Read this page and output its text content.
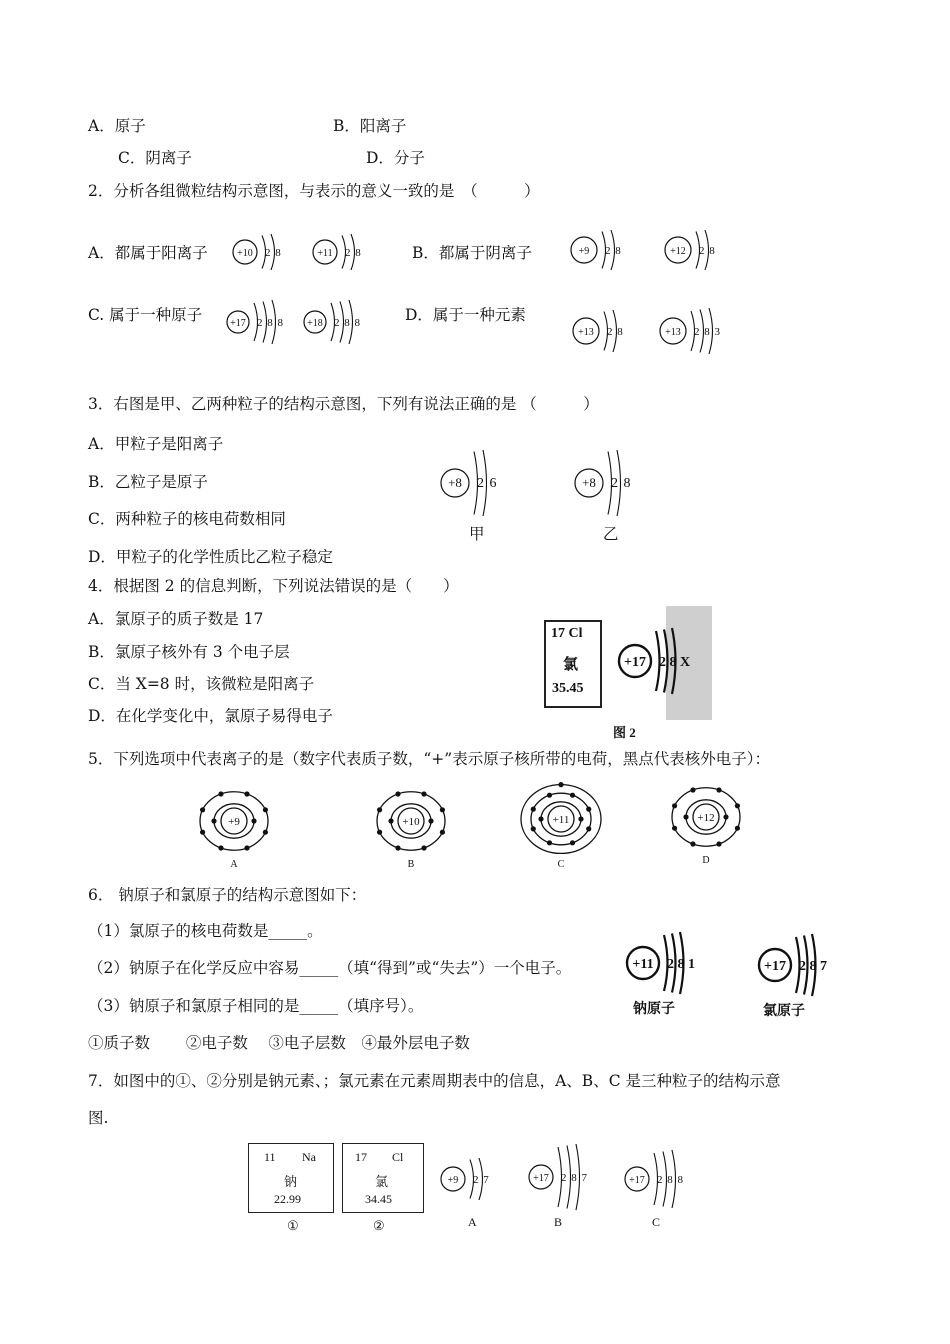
A．原子	B．阳离子
C．阴离子	D．分子
2．分析各组微粒结构示意图，与表示的意义一致的是　（　　　）
A．都属于阳离子	B．都属于阴离子
C. 属于一种原子	D．属于一种元素
+10 2 8	+11 2 8	+9 2 8	+12 2 8
+17 2 8 8 +18 2 8 8
+13 2 8	+13 2 8 3
3．右图是甲、乙两种粒子的结构示意图，下列有说法正确的是 （　　　）
A．甲粒子是阳离子
B．乙粒子是原子
C．两种粒子的核电荷数相同
D．甲粒子的化学性质比乙粒子稳定
+8 2 6	+8 2 8
甲	乙
4．根据图 2 的信息判断，下列说法错误的是（　　）
A．氯原子的质子数是 17
B．氯原子核外有 3 个电子层
C．当 X=8 时，该微粒是阳离子
D．在化学变化中，氯原子易得电子
17 Cl
氯
35.45
+17 2 8 X
图 2
5．下列选项中代表离子的是（数字代表质子数，“+”表示原子核所带的电荷，黑点代表核外电子）：
+9
A
+10
B
+11
C
+12
D
6． 钠原子和氯原子的结构示意图如下：
（1）氯原子的核电荷数是_____。
（2）钠原子在化学反应中容易_____（填“得到”或“失去”）一个电子。
（3）钠原子和氯原子相同的是_____（填序号）。
①质子数　　 ②电子数　 ③电子层数　④最外层电子数
+11 2 8 1	+17 2 8 7
钠原子	氯原子
7．如图中的①、②分别是钠元素、；氯元素在元素周期表中的信息，A、B、C 是三种粒子的结构示意
图.
11 Na
钠
22.99
17 Cl
氯
34.45
①	②
+9 2 7	+17 2 8 7	+17 2 8 8
A	B	C
